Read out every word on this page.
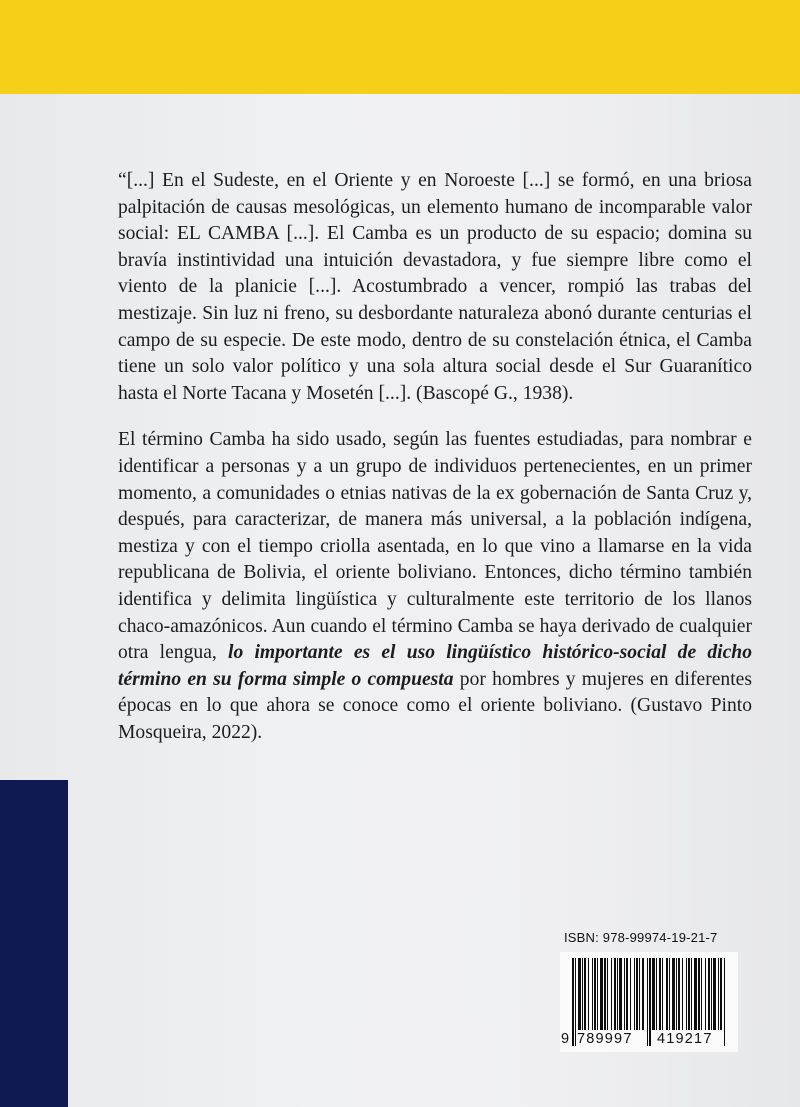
“[...] En el Sudeste, en el Oriente y en Noroeste [...] se formó, en una briosa palpitación de causas mesológicas, un elemento humano de incomparable valor social: EL CAMBA [...]. El Camba es un producto de su espacio; domina su bravía instintividad una intuición devastadora, y fue siempre libre como el viento de la planicie [...]. Acostumbrado a vencer, rompió las trabas del mestizaje. Sin luz ni freno, su desbordante naturaleza abonó durante centurias el campo de su especie. De este modo, dentro de su constelación étnica, el Camba tiene un solo valor político y una sola altura social desde el Sur Guaranítico hasta el Norte Tacana y Mosetén [...]. (Bascopé G., 1938).

El término Camba ha sido usado, según las fuentes estudiadas, para nombrar e identificar a personas y a un grupo de individuos pertenecientes, en un primer momento, a comunidades o etnias nativas de la ex gobernación de Santa Cruz y, después, para caracterizar, de manera más universal, a la población indígena, mestiza y con el tiempo criolla asentada, en lo que vino a llamarse en la vida republicana de Bolivia, el oriente boliviano. Entonces, dicho término también identifica y delimita lingüística y culturalmente este territorio de los llanos chaco-amazónicos. Aun cuando el término Camba se haya derivado de cualquier otra lengua, lo importante es el uso lingüístico histórico-social de dicho término en su forma simple o compuesta por hombres y mujeres en diferentes épocas en lo que ahora se conoce como el oriente boliviano. (Gustavo Pinto Mosqueira, 2022).

ISBN: 978-99974-19-21-7
9 789997 419217
